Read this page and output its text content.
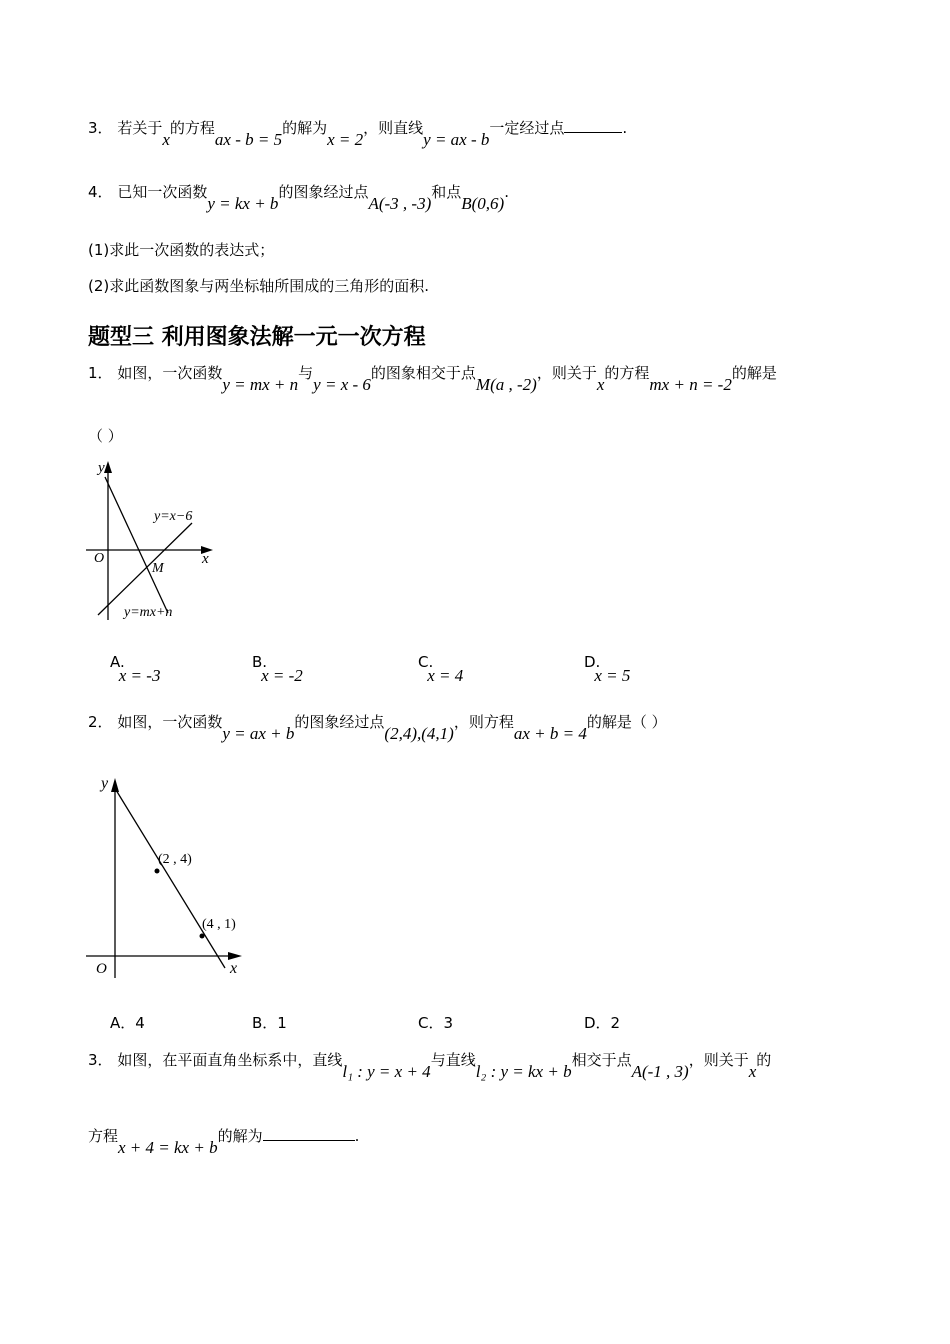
3． 若关于x的方程ax - b = 5的解为x = 2，则直线y = ax - b一定经过点	.
4． 已知一次函数y = kx + b的图象经过点A(-3 , -3)和点B(0,6).
(1)求此一次函数的表达式；
(2)求此函数图象与两坐标轴所围成的三角形的面积.
题型三 利用图象法解一元一次方程
1． 如图，一次函数y = mx + n与y = x - 6的图象相交于点M(a , -2)，则关于x的方程mx + n = -2的解是
（ ）
y
x
O
M
y=x−6
y=mx+n
A.x = -3
B.x = -2
C.x = 4
D.x = 5
2． 如图，一次函数y = ax + b的图象经过点(2,4),(4,1)，则方程ax + b = 4的解是（ ）
y
x
O
(2 , 4)
(4 , 1)
A．4	B．1	C．3	D．2
3． 如图，在平面直角坐标系中，直线l₁ : y = x + 4与直线l₂ : y = kx + b相交于点A(-1 , 3)，则关于x的
方程x + 4 = kx + b的解为	.
